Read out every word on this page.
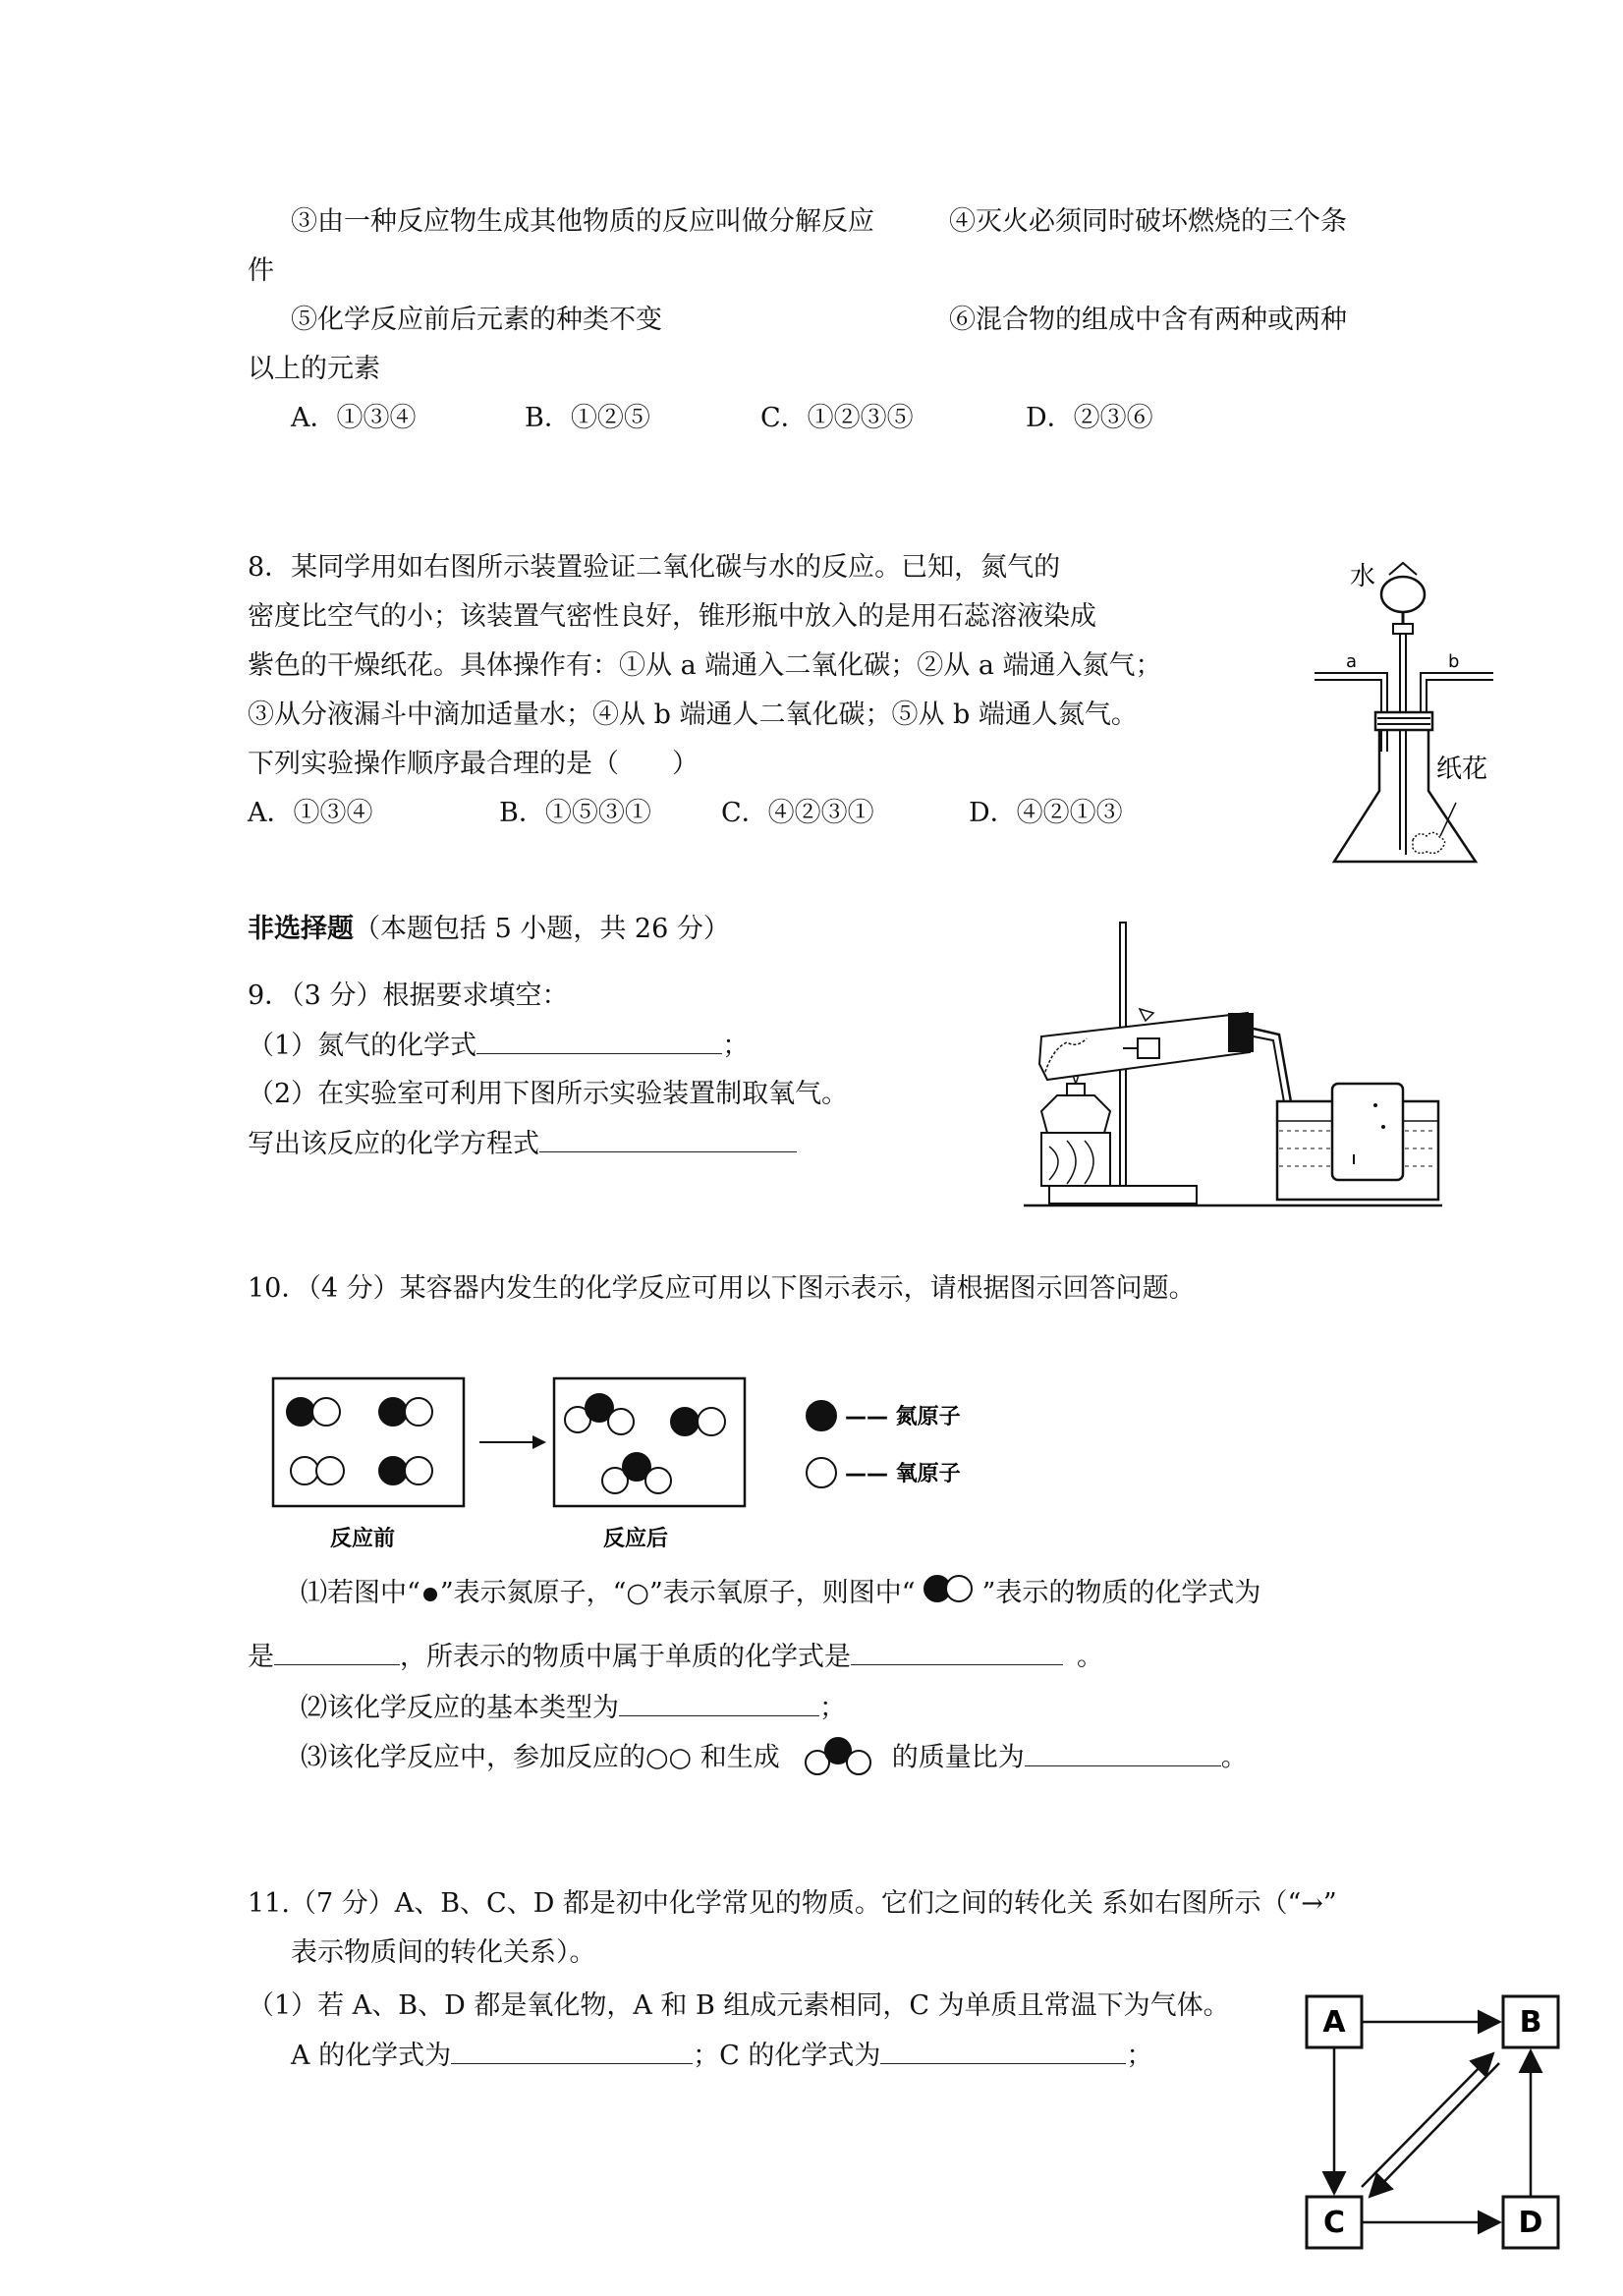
③由一种反应物生成其他物质的反应叫做分解反应	④灭火必须同时破坏燃烧的三个条
件
⑤化学反应前后元素的种类不变	⑥混合物的组成中含有两种或两种
以上的元素
A．①③④	B．①②⑤	C．①②③⑤	D．②③⑥
8．某同学用如右图所示装置验证二氧化碳与水的反应。已知，氮气的
密度比空气的小；该装置气密性良好，锥形瓶中放入的是用石蕊溶液染成
紫色的干燥纸花。具体操作有：①从 a 端通入二氧化碳；②从 a 端通入氮气；
③从分液漏斗中滴加适量水；④从 b 端通人二氧化碳；⑤从 b 端通人氮气。
下列实验操作顺序最合理的是（　　）
A．①③④	B．①⑤③①	C．④②③①	D．④②①③
水
a	b
纸花
非选择题（本题包括 5 小题，共 26 分）
9．（3 分）根据要求填空：
（1）氮气的化学式	；
（2）在实验室可利用下图所示实验装置制取氧气。
写出该反应的化学方程式
10．（4 分）某容器内发生的化学反应可用以下图示表示，请根据图示回答问题。
—— 氮原子
—— 氧原子
反应前	反应后
⑴若图中“ ”表示氮原子，“○”表示氧原子，则图中“	”表示的物质的化学式为
是	，所表示的物质中属于单质的化学式是	。
⑵该化学反应的基本类型为	；
⑶该化学反应中，参加反应的○○ 和生成	的质量比为	。
11.（7 分）A、B、C、D 都是初中化学常见的物质。它们之间的转化关 系如右图所示（“→”
表示物质间的转化关系）。
（1）若 A、B、D 都是氧化物，A 和 B 组成元素相同，C 为单质且常温下为气体。
A 的化学式为	；C 的化学式为	；
A	B
C	D
